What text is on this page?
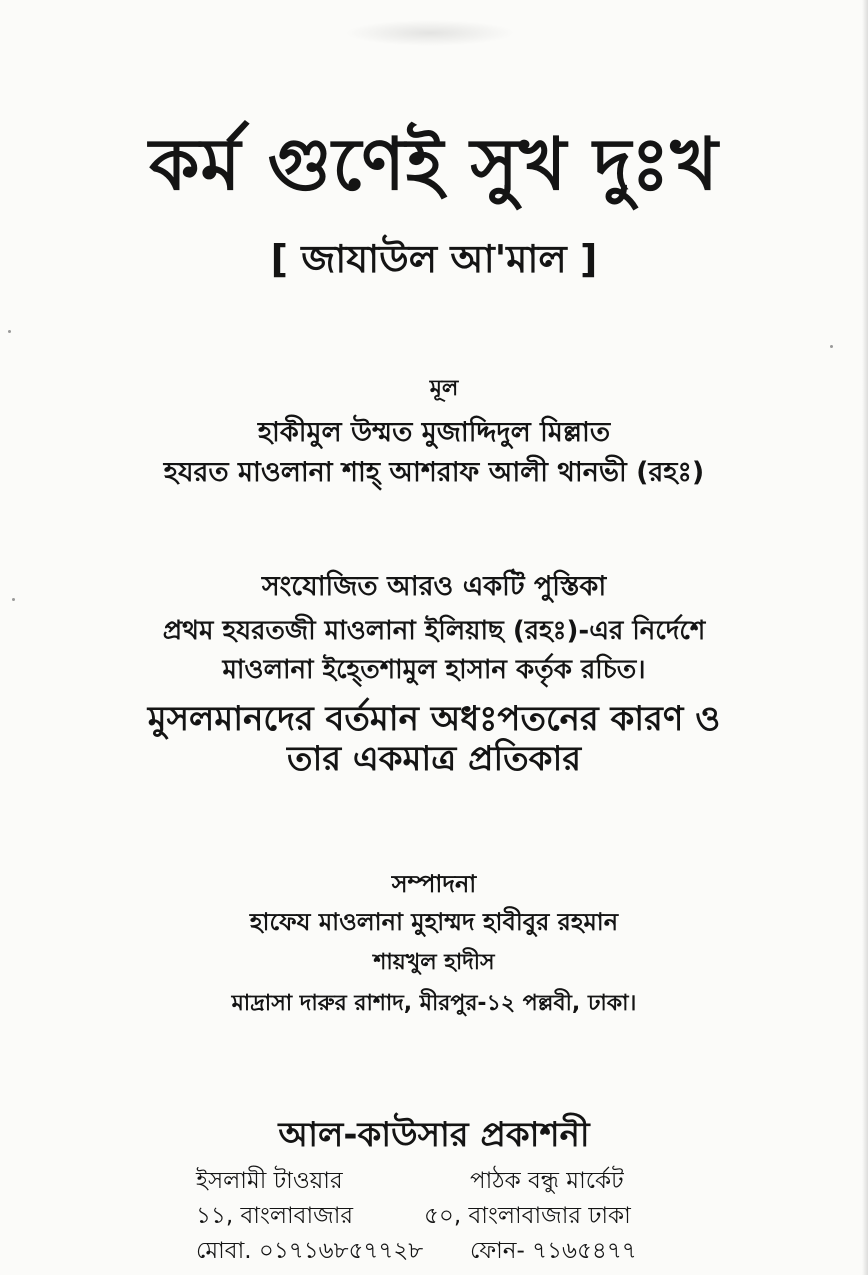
কর্ম গুণেই সুখ দুঃখ
[ জাযাউল আ'মাল ]
মূল
হাকীমুল উম্মত মুজাদ্দিদুল মিল্লাত
হযরত মাওলানা শাহ্ আশরাফ আলী থানভী (রহঃ)
সংযোজিত আরও একটি পুস্তিকা
প্রথম হযরতজী মাওলানা ইলিয়াছ (রহঃ)-এর নির্দেশে
মাওলানা ইহ্তেশামুল হাসান কর্তৃক রচিত।
মুসলমানদের বর্তমান অধঃপতনের কারণ ও
তার একমাত্র প্রতিকার
সম্পাদনা
হাফেয মাওলানা মুহাম্মদ হাবীবুর রহমান
শায়খুল হাদীস
মাদ্রাসা দারুর রাশাদ, মীরপুর-১২ পল্লবী, ঢাকা।
আল-কাউসার প্রকাশনী
ইসলামী টাওয়ার	পাঠক বন্ধু মার্কেট
১১, বাংলাবাজার	৫০, বাংলাবাজার ঢাকা
মোবা. ০১৭১৬৮৫৭৭২৮ ফোন- ৭১৬৫৪৭৭
